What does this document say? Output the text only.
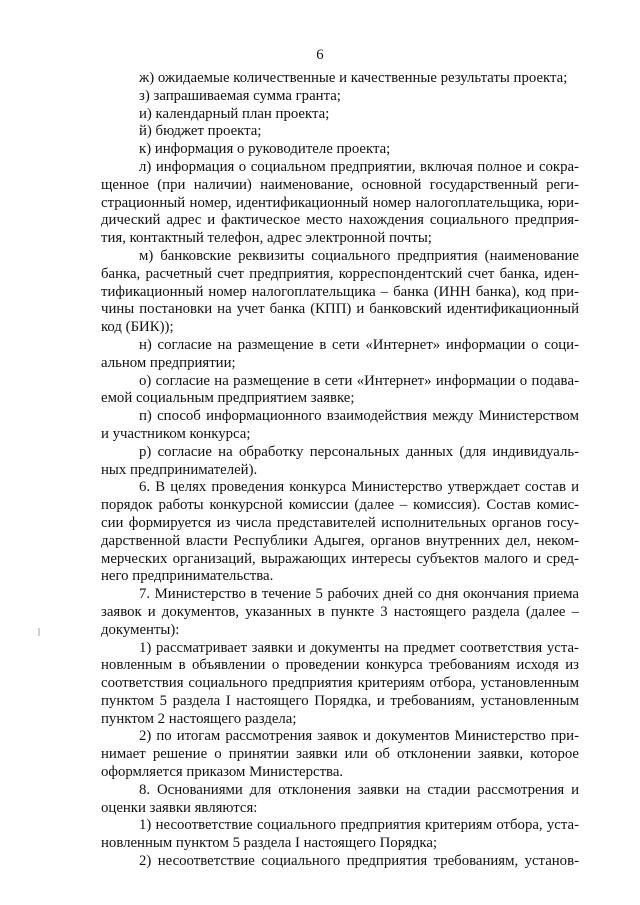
6
ж) ожидаемые количественные и качественные результаты проекта;
з) запрашиваемая сумма гранта;
и) календарный план проекта;
й) бюджет проекта;
к) информация о руководителе проекта;
л) информация о социальном предприятии, включая полное и сокра-
щенное (при наличии) наименование, основной государственный реги-
страционный номер, идентификационный номер налогоплательщика, юри-
дический адрес и фактическое место нахождения социального предприя-
тия, контактный телефон, адрес электронной почты;
м) банковские реквизиты социального предприятия (наименование
банка, расчетный счет предприятия, корреспондентский счет банка, иден-
тификационный номер налогоплательщика – банка (ИНН банка), код при-
чины постановки на учет банка (КПП) и банковский идентификационный
код (БИК));
н) согласие на размещение в сети «Интернет» информации о соци-
альном предприятии;
о) согласие на размещение в сети «Интернет» информации о подавa-
емой социальным предприятием заявке;
п) способ информационного взаимодействия между Министерством
и участником конкурса;
р) согласие на обработку персональных данных (для индивидуаль-
ных предпринимателей).
6. В целях проведения конкурса Министерство утверждает состав и
порядок работы конкурсной комиссии (далее – комиссия). Состав комис-
сии формируется из числа представителей исполнительных органов госу-
дарственной власти Республики Адыгея, органов внутренних дел, неком-
мерческих организаций, выражающих интересы субъектов малого и сред-
него предпринимательства.
7. Министерство в течение 5 рабочих дней со дня окончания приема
заявок и документов, указанных в пункте 3 настоящего раздела (далее –
документы):
1) рассматривает заявки и документы на предмет соответствия уста-
новленным в объявлении о проведении конкурса требованиям исходя из
соответствия социального предприятия критериям отбора, установленным
пунктом 5 раздела I настоящего Порядка, и требованиям, установленным
пунктом 2 настоящего раздела;
2) по итогам рассмотрения заявок и документов Министерство при-
нимает решение о принятии заявки или об отклонении заявки, которое
оформляется приказом Министерства.
8. Основаниями для отклонения заявки на стадии рассмотрения и
оценки заявки являются:
1) несоответствие социального предприятия критериям отбора, уста-
новленным пунктом 5 раздела I настоящего Порядка;
2) несоответствие социального предприятия требованиям, установ-
